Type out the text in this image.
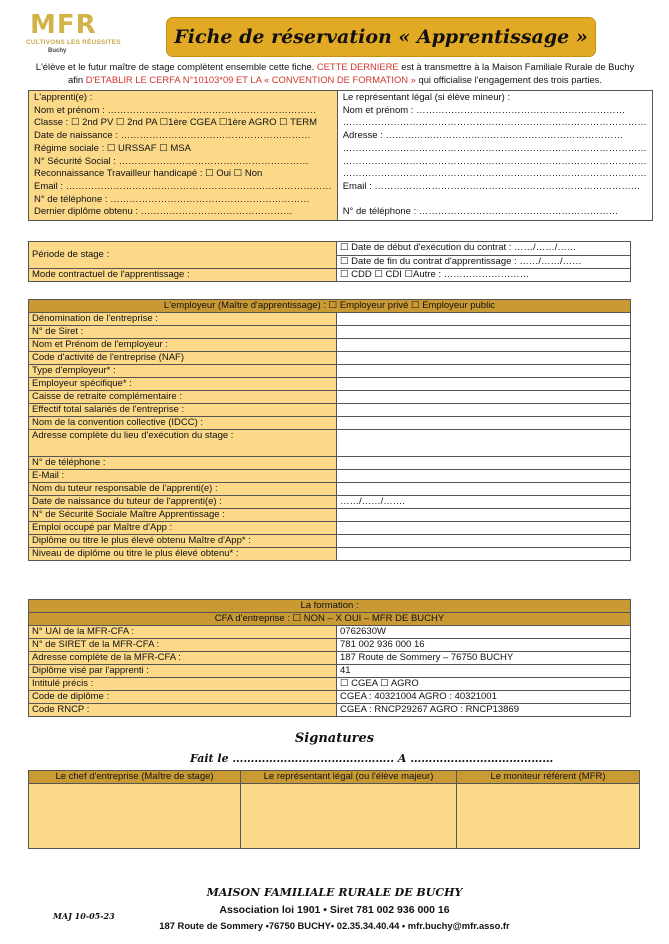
MFR
CULTIVONS LES RÉUSSITES
Buchy
Fiche de réservation « Apprentissage »
L'élève et le futur maître de stage complètent ensemble cette fiche. CETTE DERNIERE est à transmettre à la Maison Familiale Rurale de Buchy afin D'ETABLIR LE CERFA N°10103*09 ET LA « CONVENTION DE FORMATION » qui officialise l'engagement des trois parties.
L'apprenti(e) :
Nom et prénom : …………………………………………………………
Classe : ☐ 2nd PV ☐ 2nd PA ☐1ère CGEA ☐1ère AGRO ☐ TERM
Date de naissance : ……………………………………………………
Régime sociale : ☐ URSSAF ☐ MSA
N° Sécurité Social : ……………………………………………………
Reconnaissance Travailleur handicapé : ☐ Oui ☐ Non
Email : …………………………………………………………………………
N° de téléphone : ………………………………………………………
Dernier diplôme obtenu : …………………………………………

Le représentant légal (si élève mineur) :
Nom et prénom : …………………………………………………………
……………………………………………………………………………………
Adresse : …………………………………………………………………
……………………………………………………………………………………
……………………………………………………………………………………
……………………………………………………………………………………
Email : …………………………………………………………………………

N° de téléphone : ………………………………………………………
Période de stage :	☐ Date de début d'exécution du contrat : ……/……/……
	☐ Date de fin du contrat d'apprentissage : ……/……/……
Mode contractuel de l'apprentissage :	☐ CDD ☐ CDI ☐Autre : ………………………
L'employeur (Maître d'apprentissage) : ☐ Employeur privé ☐ Employeur public	
Dénomination de l'entreprise :	
N° de Siret :	
Nom et Prénom de l'employeur :	
Code d'activité de l'entreprise (NAF)	
Type d'employeur* :	
Employeur spécifique* :	
Caisse de retraite complémentaire :	
Effectif total salariés de l'entreprise :	
Nom de la convention collective (IDCC) :	
Adresse complète du lieu d'exécution du stage :	
N° de téléphone :	
E-Mail :	
Nom du tuteur responsable de l'apprenti(e) :	
Date de naissance du tuteur de l'apprenti(e) :	……/……/…….
N° de Sécurité Sociale Maître Apprentissage :	
Emploi occupé par Maître d'App :	
Diplôme ou titre le plus élevé obtenu Maître d'App* :	
Niveau de diplôme ou titre le plus élevé obtenu* :	
La formation :	
CFA d'entreprise : ☐ NON – X OUI – MFR DE BUCHY	
N° UAI de la MFR-CFA :	0762630W
N° de SIRET de la MFR-CFA :	781 002 936 000 16
Adresse complète de la MFR-CFA :	187 Route de Sommery – 76750 BUCHY
Diplôme visé par l'apprenti :	41
Intitulé précis :	☐ CGEA ☐ AGRO
Code de diplôme :	CGEA : 40321004 AGRO : 40321001
Code RNCP :	CGEA : RNCP29267 AGRO : RNCP13869
Signatures
Fait le …………………………………….. A …………………………………
Le chef d'entreprise (Maître de stage)	Le représentant légal (ou l'élève majeur)	Le moniteur référent (MFR)

MAISON FAMILIALE RURALE DE BUCHY
MAJ 10-05-23	Association loi 1901 • Siret 781 002 936 000 16
187 Route de Sommery •76750 BUCHY• 02.35.34.40.44 • mfr.buchy@mfr.asso.fr
